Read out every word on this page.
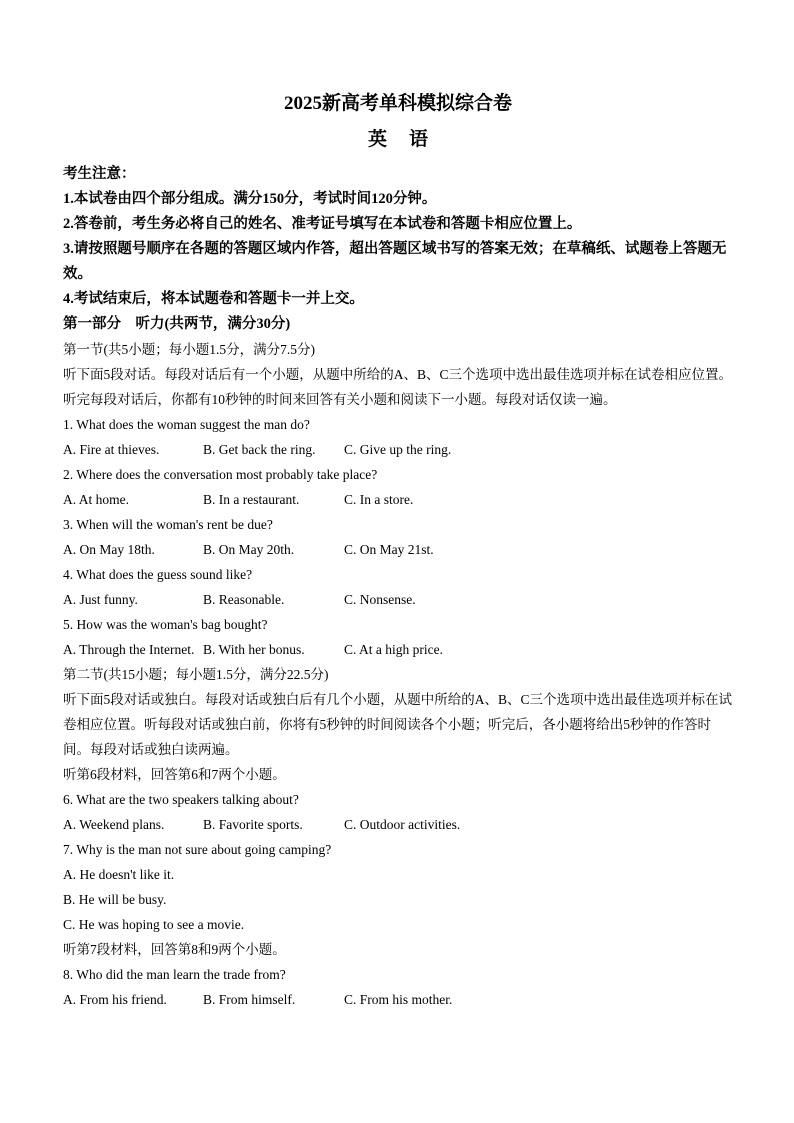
2025新高考单科模拟综合卷
英语
考生注意：
1.本试卷由四个部分组成。满分150分，考试时间120分钟。
2.答卷前，考生务必将自己的姓名、准考证号填写在本试卷和答题卡相应位置上。
3.请按照题号顺序在各题的答题区域内作答，超出答题区域书写的答案无效；在草稿纸、试题卷上答题无效。
4.考试结束后，将本试题卷和答题卡一并上交。
第一部分　听力(共两节，满分30分)
第一节(共5小题；每小题1.5分，满分7.5分)
听下面5段对话。每段对话后有一个小题，从题中所给的A、B、C三个选项中选出最佳选项并标在试卷相应位置。听完每段对话后，你都有10秒钟的时间来回答有关小题和阅读下一小题。每段对话仅读一遍。
1. What does the woman suggest the man do?
A. Fire at thieves.	B. Get back the ring.	C. Give up the ring.
2. Where does the conversation most probably take place?
A. At home.	B. In a restaurant.	C. In a store.
3. When will the woman's rent be due?
A. On May 18th.	B. On May 20th.	C. On May 21st.
4. What does the guess sound like?
A. Just funny.	B. Reasonable.	C. Nonsense.
5. How was the woman's bag bought?
A. Through the Internet. B. With her bonus.	C. At a high price.
第二节(共15小题；每小题1.5分，满分22.5分)
听下面5段对话或独白。每段对话或独白后有几个小题，从题中所给的A、B、C三个选项中选出最佳选项并标在试卷相应位置。听每段对话或独白前，你将有5秒钟的时间阅读各个小题；听完后，各小题将给出5秒钟的作答时间。每段对话或独白读两遍。
听第6段材料，回答第6和7两个小题。
6. What are the two speakers talking about?
A. Weekend plans.	B. Favorite sports.	C. Outdoor activities.
7. Why is the man not sure about going camping?
A. He doesn't like it.
B. He will be busy.
C. He was hoping to see a movie.
听第7段材料，回答第8和9两个小题。
8. Who did the man learn the trade from?
A. From his friend.	B. From himself.	C. From his mother.
